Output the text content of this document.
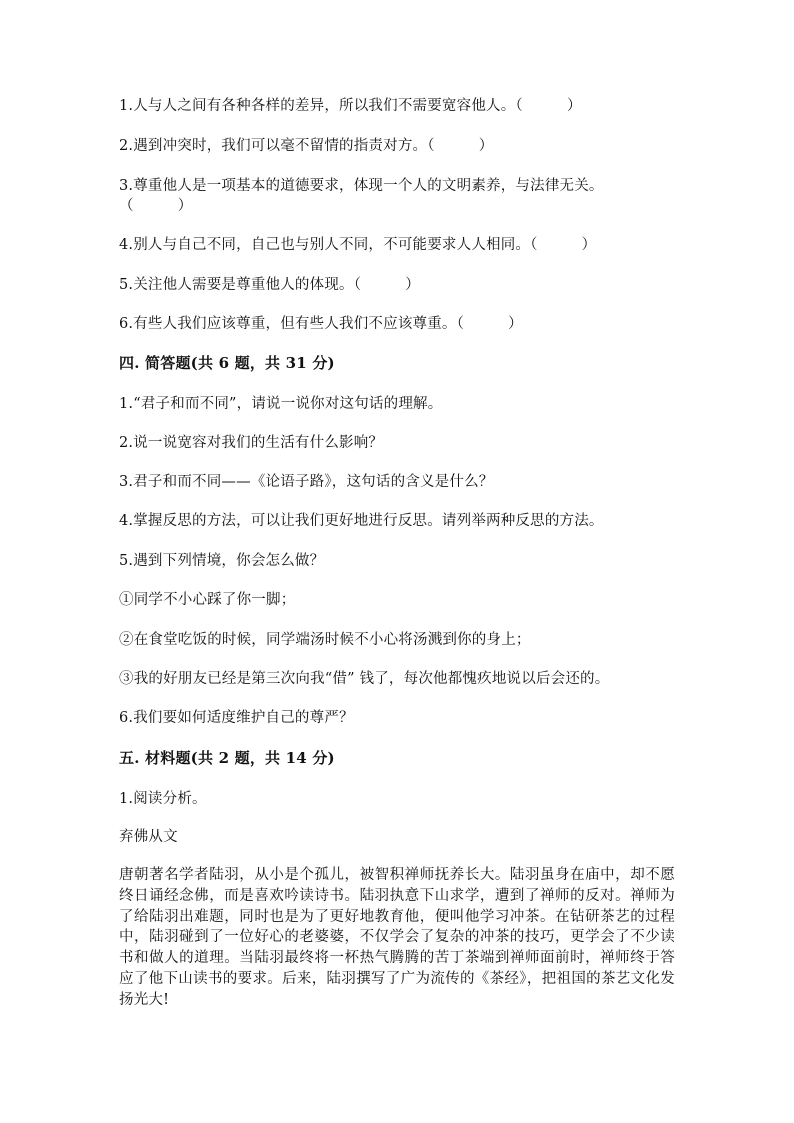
1.人与人之间有各种各样的差异，所以我们不需要宽容他人。（　　　）
2.遇到冲突时，我们可以毫不留情的指责对方。（　　　）
3.尊重他人是一项基本的道德要求，体现一个人的文明素养，与法律无关。
（　　　）
4.别人与自己不同，自己也与别人不同，不可能要求人人相同。（　　　）
5.关注他人需要是尊重他人的体现。（　　　）
6.有些人我们应该尊重，但有些人我们不应该尊重。（　　　）
四. 简答题(共 6 题，共 31 分)
1.“君子和而不同”，请说一说你对这句话的理解。
2.说一说宽容对我们的生活有什么影响？
3.君子和而不同——《论语子路》，这句话的含义是什么？
4.掌握反思的方法，可以让我们更好地进行反思。请列举两种反思的方法。
5.遇到下列情境，你会怎么做？
①同学不小心踩了你一脚；
②在食堂吃饭的时候，同学端汤时候不小心将汤溅到你的身上；
③我的好朋友已经是第三次向我“借” 钱了，每次他都愧疚地说以后会还的。
6.我们要如何适度维护自己的尊严？
五. 材料题(共 2 题，共 14 分)
1.阅读分析。
弃佛从文
唐朝著名学者陆羽，从小是个孤儿，被智积禅师抚养长大。陆羽虽身在庙中，却不愿终日诵经念佛，而是喜欢吟读诗书。陆羽执意下山求学，遭到了禅师的反对。禅师为了给陆羽出难题，同时也是为了更好地教育他，便叫他学习冲茶。在钻研茶艺的过程中，陆羽碰到了一位好心的老婆婆，不仅学会了复杂的冲茶的技巧，更学会了不少读书和做人的道理。当陆羽最终将一杯热气腾腾的苦丁茶端到禅师面前时，禅师终于答应了他下山读书的要求。后来，陆羽撰写了广为流传的《茶经》，把祖国的茶艺文化发扬光大!
